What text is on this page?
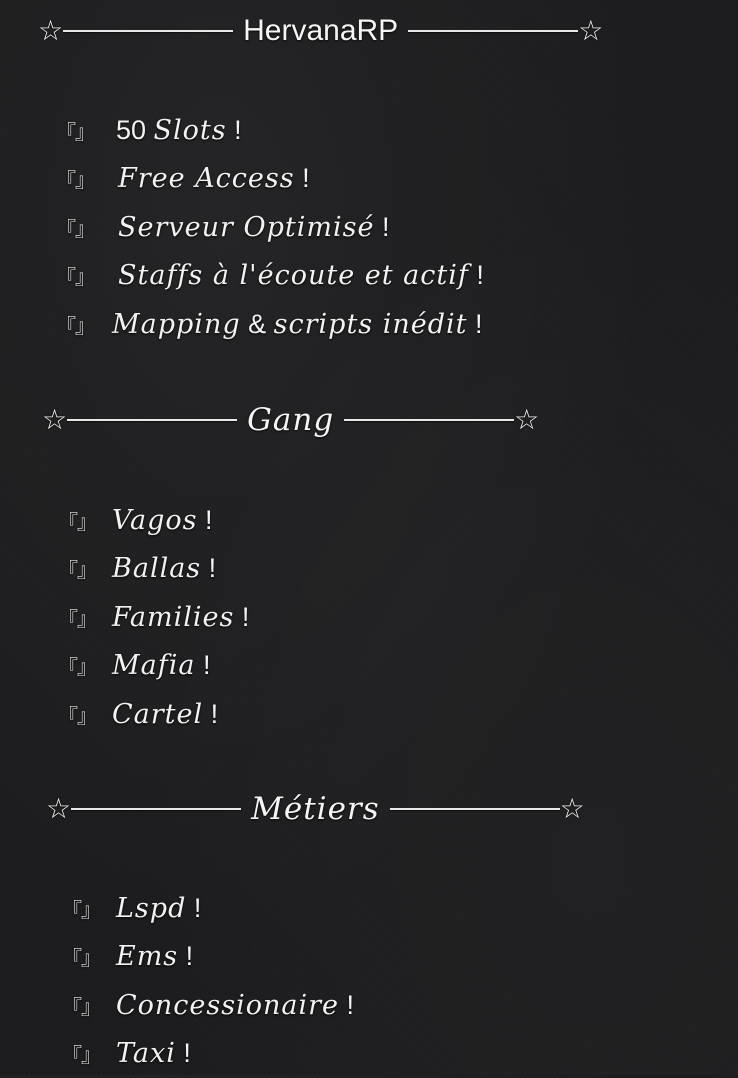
☆	HervanaRP	☆
『』 50 Slots !
『』 Free Access !
『』 Serveur Optimisé !
『』 Staffs à l'écoute et actif !
『』 Mapping & scripts inédit !
☆	Gang	☆
『』 Vagos !
『』 Ballas !
『』 Families !
『』 Mafia !
『』 Cartel !
☆	Métiers	☆
『』 Lspd !
『』 Ems !
『』 Concessionaire !
『』 Taxi !
